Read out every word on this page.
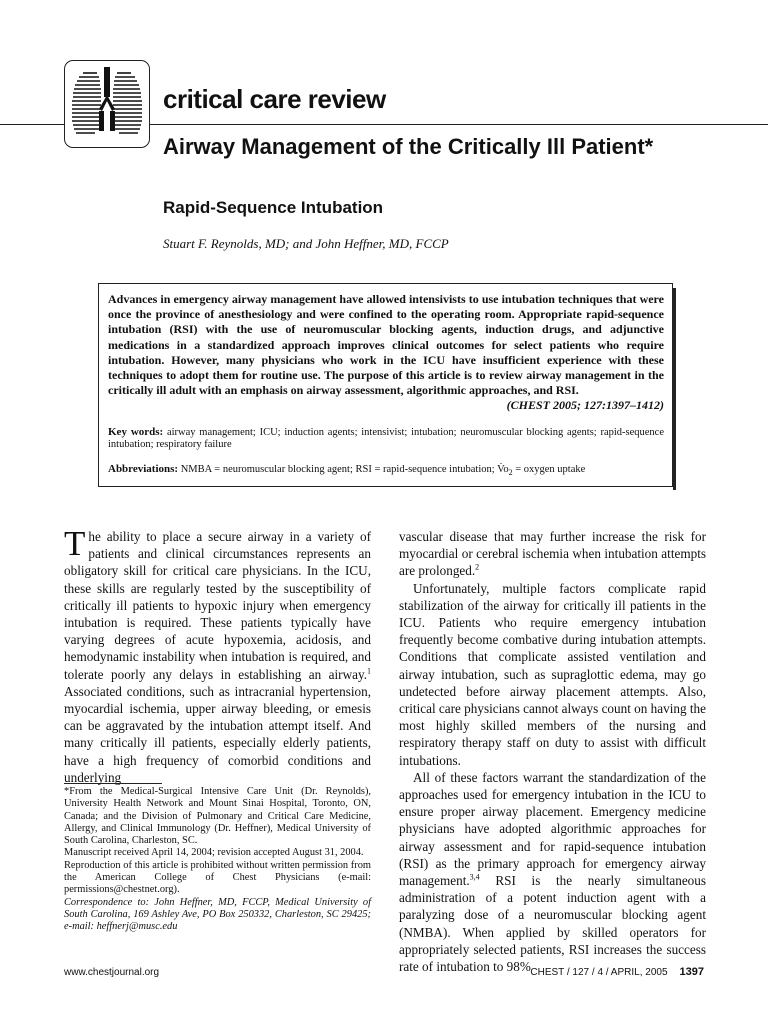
critical care review
Airway Management of the Critically Ill Patient*
Rapid-Sequence Intubation
Stuart F. Reynolds, MD; and John Heffner, MD, FCCP

Advances in emergency airway management have allowed intensivists to use intubation techniques that were once the province of anesthesiology and were confined to the operating room. Appropriate rapid-sequence intubation (RSI) with the use of neuromuscular blocking agents, induction drugs, and adjunctive medications in a standardized approach improves clinical outcomes for select patients who require intubation. However, many physicians who work in the ICU have insufficient experience with these techniques to adopt them for routine use. The purpose of this article is to review airway management in the critically ill adult with an emphasis on airway assessment, algorithmic approaches, and RSI.
(CHEST 2005; 127:1397–1412)

Key words: airway management; ICU; induction agents; intensivist; intubation; neuromuscular blocking agents; rapid-sequence intubation; respiratory failure

Abbreviations: NMBA = neuromuscular blocking agent; RSI = rapid-sequence intubation; $V̇o_2$ = oxygen uptake

The ability to place a secure airway in a variety of patients and clinical circumstances represents an obligatory skill for critical care physicians. In the ICU, these skills are regularly tested by the susceptibility of critically ill patients to hypoxic injury when emergency intubation is required. These patients typically have varying degrees of acute hypoxemia, acidosis, and hemodynamic instability when intubation is required, and tolerate poorly any delays in establishing an airway.$^1$ Associated conditions, such as intracranial hypertension, myocardial ischemia, upper airway bleeding, or emesis can be aggravated by the intubation attempt itself. And many critically ill patients, especially elderly patients, have a high frequency of comorbid conditions and underlying

*From the Medical-Surgical Intensive Care Unit (Dr. Reynolds), University Health Network and Mount Sinai Hospital, Toronto, ON, Canada; and the Division of Pulmonary and Critical Care Medicine, Allergy, and Clinical Immunology (Dr. Heffner), Medical University of South Carolina, Charleston, SC.

Manuscript received April 14, 2004; revision accepted August 31, 2004.

Reproduction of this article is prohibited without written permission from the American College of Chest Physicians (e-mail: permissions@chestnet.org).

Correspondence to: John Heffner, MD, FCCP, Medical University of South Carolina, 169 Ashley Ave, PO Box 250332, Charleston, SC 29425; e-mail: heffnerj@musc.edu

vascular disease that may further increase the risk for myocardial or cerebral ischemia when intubation attempts are prolonged.$^2$

Unfortunately, multiple factors complicate rapid stabilization of the airway for critically ill patients in the ICU. Patients who require emergency intubation frequently become combative during intubation attempts. Conditions that complicate assisted ventilation and airway intubation, such as supraglottic edema, may go undetected before airway placement attempts. Also, critical care physicians cannot always count on having the most highly skilled members of the nursing and respiratory therapy staff on duty to assist with difficult intubations.

All of these factors warrant the standardization of the approaches used for emergency intubation in the ICU to ensure proper airway placement. Emergency medicine physicians have adopted algorithmic approaches for airway assessment and for rapid-sequence intubation (RSI) as the primary approach for emergency airway management.$^{3,4}$ RSI is the nearly simultaneous administration of a potent induction agent with a paralyzing dose of a neuromuscular blocking agent (NMBA). When applied by skilled operators for appropriately selected patients, RSI increases the success rate of intubation to 98%

www.chestjournal.org	CHEST / 127 / 4 / APRIL, 2005 1397
